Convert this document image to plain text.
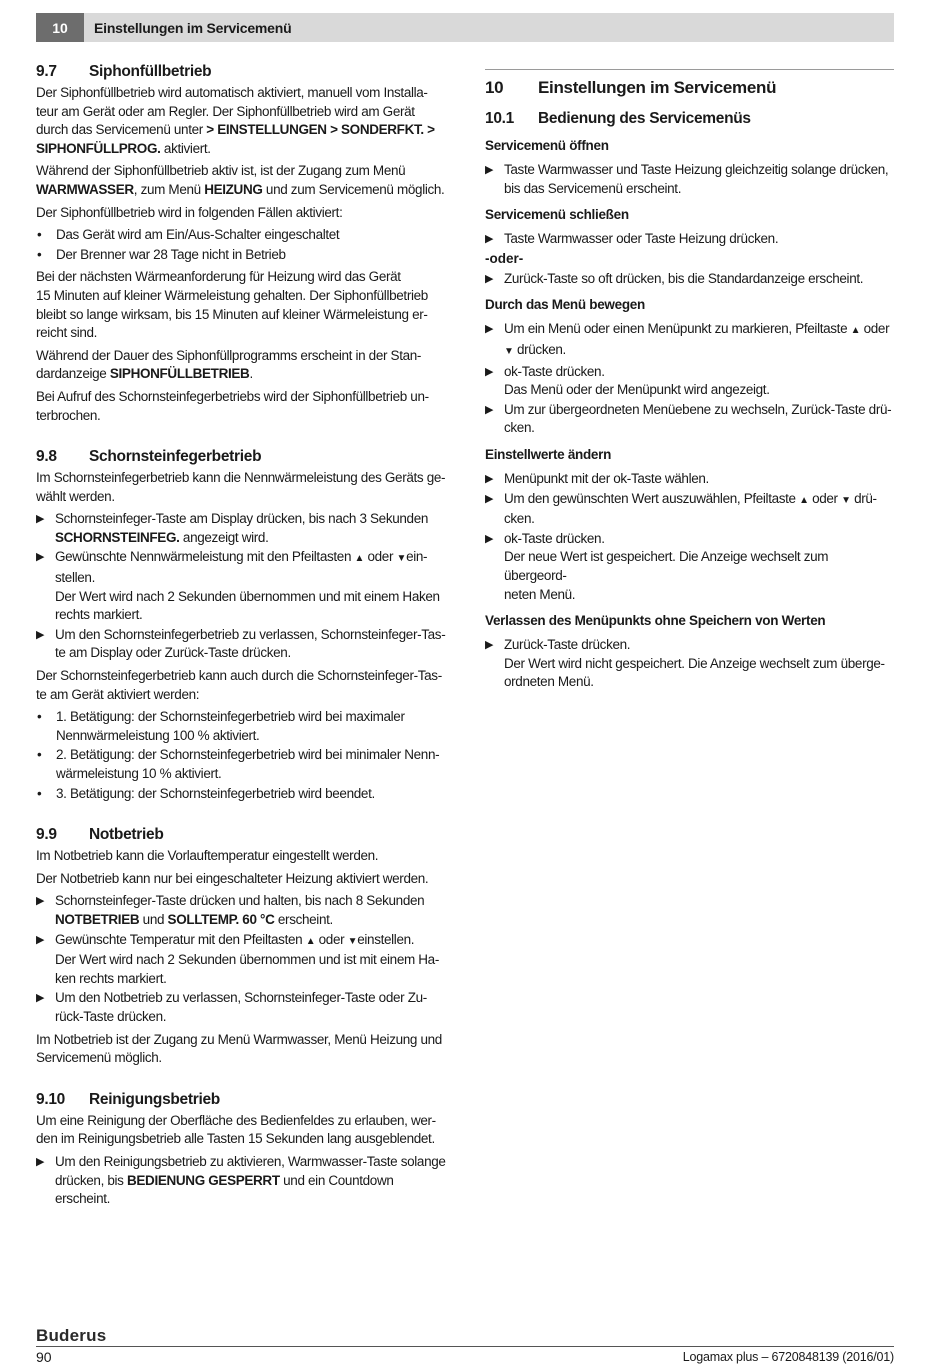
10	Einstellungen im Servicemenü
9.7	Siphonfüllbetrieb

Der Siphonfüllbetrieb wird automatisch aktiviert, manuell vom Installa-
teur am Gerät oder am Regler. Der Siphonfüllbetrieb wird am Gerät
durch das Servicemenü unter > EINSTELLUNGEN > SONDERFKT. >
SIPHONFÜLLPROG. aktiviert.

Während der Siphonfüllbetrieb aktiv ist, ist der Zugang zum Menü
WARMWASSER, zum Menü HEIZUNG und zum Servicemenü möglich.

Der Siphonfüllbetrieb wird in folgenden Fällen aktiviert:

•	Das Gerät wird am Ein/Aus-Schalter eingeschaltet
•	Der Brenner war 28 Tage nicht in Betrieb

Bei der nächsten Wärmeanforderung für Heizung wird das Gerät
15 Minuten auf kleiner Wärmeleistung gehalten. Der Siphonfüllbetrieb
bleibt so lange wirksam, bis 15 Minuten auf kleiner Wärmeleistung er-
reicht sind.

Während der Dauer des Siphonfüllprogramms erscheint in der Stan-
dardanzeige SIPHONFÜLLBETRIEB.

Bei Aufruf des Schornsteinfegerbetriebs wird der Siphonfüllbetrieb un-
terbrochen.

9.8	Schornsteinfegerbetrieb

Im Schornsteinfegerbetrieb kann die Nennwärmeleistung des Geräts ge-
wählt werden.

▶ Schornsteinfeger-Taste am Display drücken, bis nach 3 Sekunden
SCHORNSTEINFEG. angezeigt wird.
▶ Gewünschte Nennwärmeleistung mit den Pfeiltasten ▲ oder ▼ein-
stellen.
Der Wert wird nach 2 Sekunden übernommen und mit einem Haken
rechts markiert.
▶ Um den Schornsteinfegerbetrieb zu verlassen, Schornsteinfeger-Tas-
te am Display oder Zurück-Taste drücken.

Der Schornsteinfegerbetrieb kann auch durch die Schornsteinfeger-Tas-
te am Gerät aktiviert werden:

•	1. Betätigung: der Schornsteinfegerbetrieb wird bei maximaler
Nennwärmeleistung 100 % aktiviert.
•	2. Betätigung: der Schornsteinfegerbetrieb wird bei minimaler Nenn-
wärmeleistung 10 % aktiviert.
•	3. Betätigung: der Schornsteinfegerbetrieb wird beendet.
9.9	Notbetrieb

Im Notbetrieb kann die Vorlauftemperatur eingestellt werden.

Der Notbetrieb kann nur bei eingeschalteter Heizung aktiviert werden.

▶ Schornsteinfeger-Taste drücken und halten, bis nach 8 Sekunden
NOTBETRIEB und SOLLTEMP. 60 °C erscheint.
▶ Gewünschte Temperatur mit den Pfeiltasten ▲ oder ▼einstellen.
Der Wert wird nach 2 Sekunden übernommen und ist mit einem Ha-
ken rechts markiert.
▶ Um den Notbetrieb zu verlassen, Schornsteinfeger-Taste oder Zu-
rück-Taste drücken.

Im Notbetrieb ist der Zugang zu Menü Warmwasser, Menü Heizung und
Servicemenü möglich.

9.10	Reinigungsbetrieb

Um eine Reinigung der Oberfläche des Bedienfeldes zu erlauben, wer-
den im Reinigungsbetrieb alle Tasten 15 Sekunden lang ausgeblendet.

▶ Um den Reinigungsbetrieb zu aktivieren, Warmwasser-Taste solange
drücken, bis BEDIENUNG GESPERRT und ein Countdown erscheint.
10	Einstellungen im Servicemenü
10.1	Bedienung des Servicemenüs
Servicemenü öffnen
▶ Taste Warmwasser und Taste Heizung gleichzeitig solange drücken,
bis das Servicemenü erscheint.
Servicemenü schließen
▶ Taste Warmwasser oder Taste Heizung drücken.
-oder-
▶ Zurück-Taste so oft drücken, bis die Standardanzeige erscheint.
Durch das Menü bewegen
▶ Um ein Menü oder einen Menüpunkt zu markieren, Pfeiltaste ▲ oder
▼ drücken.
▶ ok-Taste drücken.
Das Menü oder der Menüpunkt wird angezeigt.
▶ Um zur übergeordneten Menüebene zu wechseln, Zurück-Taste drü-
cken.
Einstellwerte ändern
▶ Menüpunkt mit der ok-Taste wählen.
▶ Um den gewünschten Wert auszuwählen, Pfeiltaste ▲ oder ▼ drü-
cken.
▶ ok-Taste drücken.
Der neue Wert ist gespeichert. Die Anzeige wechselt zum übergeord-
neten Menü.
Verlassen des Menüpunkts ohne Speichern von Werten
▶ Zurück-Taste drücken.
Der Wert wird nicht gespeichert. Die Anzeige wechselt zum überge-
ordneten Menü.
Buderus
90	Logamax plus – 6720848139 (2016/01)
